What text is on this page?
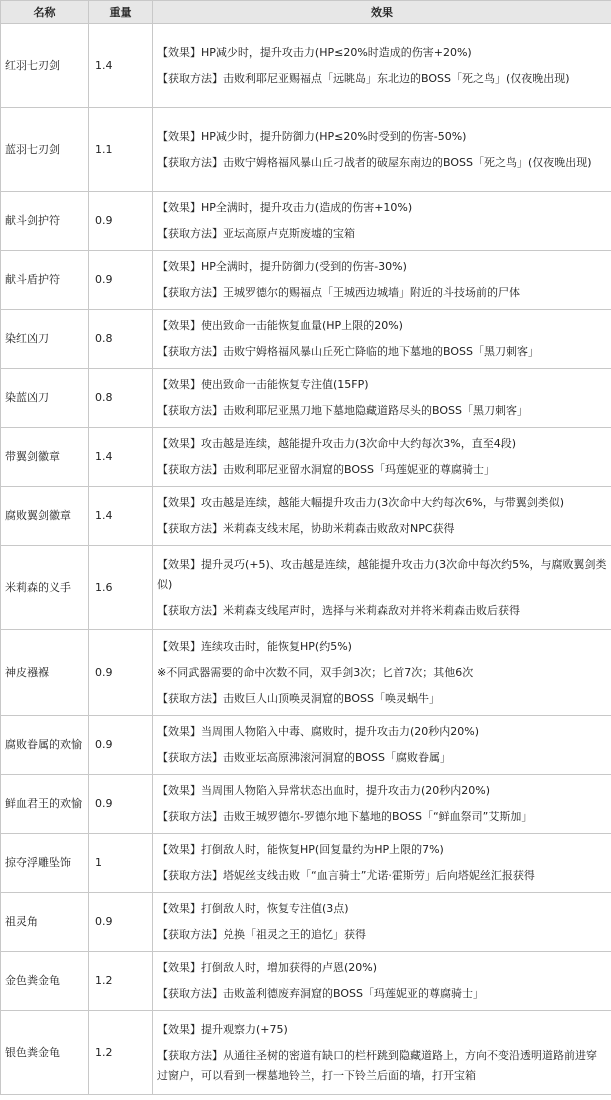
名称	重量	效果
红羽七刃剑	1.4	【效果】HP减少时，提升攻击力(HP≤20%时造成的伤害+20%)
【获取方法】击败利耶尼亚赐福点「远眺岛」东北边的BOSS「死之鸟」(仅夜晚出现)

蓝羽七刃剑	1.1	【效果】HP减少时，提升防御力(HP≤20%时受到的伤害-50%)
【获取方法】击败宁姆格福风暴山丘刁战者的破屋东南边的BOSS「死之鸟」(仅夜晚出现)

献斗剑护符	0.9	【效果】HP全满时，提升攻击力(造成的伤害+10%)
【获取方法】亚坛高原卢克斯废墟的宝箱

献斗盾护符	0.9	【效果】HP全满时，提升防御力(受到的伤害-30%)
【获取方法】王城罗德尔的赐福点「王城西边城墙」附近的斗技场前的尸体

染红凶刀	0.8	【效果】使出致命一击能恢复血量(HP上限的20%)
【获取方法】击败宁姆格福风暴山丘死亡降临的地下墓地的BOSS「黑刀刺客」

染蓝凶刀	0.8	【效果】使出致命一击能恢复专注值(15FP)
【获取方法】击败利耶尼亚黑刀地下墓地隐藏道路尽头的BOSS「黑刀刺客」

带翼剑徽章	1.4	【效果】攻击越是连续，越能提升攻击力(3次命中大约每次3%，直至4段)
【获取方法】击败利耶尼亚留水洞窟的BOSS「玛莲妮亚的尊腐骑士」

腐败翼剑徽章	1.4	【效果】攻击越是连续，越能大幅提升攻击力(3次命中大约每次6%，与带翼剑类似)
【获取方法】米莉森支线末尾，协助米莉森击败敌对NPC获得

米莉森的义手	1.6	【效果】提升灵巧(+5)、攻击越是连续，越能提升攻击力(3次命中每次约5%，与腐败翼剑类似)
【获取方法】米莉森支线尾声时，选择与米莉森敌对并将米莉森击败后获得

神皮襁褓	0.9	【效果】连续攻击时，能恢复HP(约5%)
※不同武器需要的命中次数不同，双手剑3次；匕首7次；其他6次
【获取方法】击败巨人山顶唤灵洞窟的BOSS「唤灵蜗牛」

腐败眷属的欢愉	0.9	【效果】当周围人物陷入中毒、腐败时，提升攻击力(20秒内20%)
【获取方法】击败亚坛高原沸滚河洞窟的BOSS「腐败眷属」

鲜血君王的欢愉	0.9	【效果】当周围人物陷入异常状态出血时，提升攻击力(20秒内20%)
【获取方法】击败王城罗德尔-罗德尔地下墓地的BOSS「“鲜血祭司”艾斯加」

掠夺浮雕坠饰	1	【效果】打倒敌人时，能恢复HP(回复量约为HP上限的7%)
【获取方法】塔妮丝支线击败「“血言骑士”尤诺·霍斯劳」后向塔妮丝汇报获得

祖灵角	0.9	【效果】打倒敌人时，恢复专注值(3点)
【获取方法】兑换「祖灵之王的追忆」获得

金色粪金龟	1.2	【效果】打倒敌人时，增加获得的卢恩(20%)
【获取方法】击败盖利德废弃洞窟的BOSS「玛莲妮亚的尊腐骑士」

银色粪金龟	1.2	【效果】提升观察力(+75)
【获取方法】从通往圣树的密道有缺口的栏杆跳到隐藏道路上，方向不变沿透明道路前进穿过窗户，可以看到一棵墓地铃兰，打一下铃兰后面的墙，打开宝箱
